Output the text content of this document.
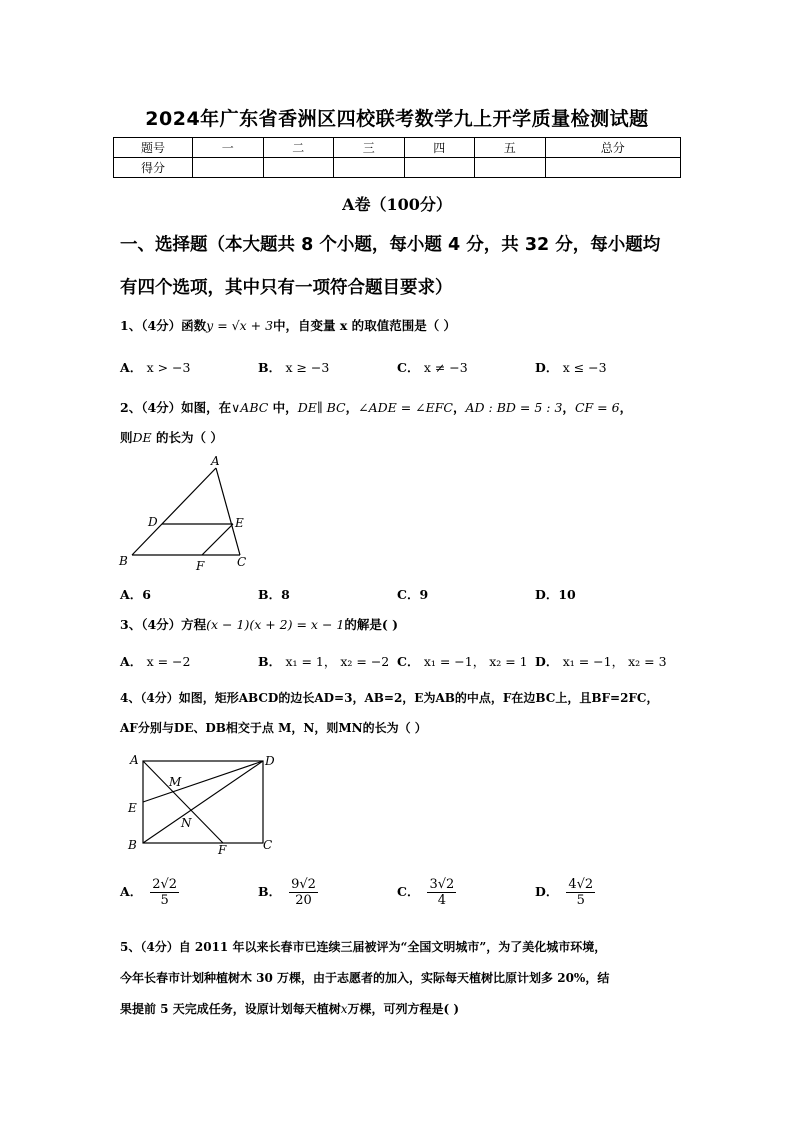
2024年广东省香洲区四校联考数学九上开学质量检测试题
题号	一	二	三	四	五	总分
得分						
A卷（100分）
一、选择题（本大题共 8 个小题，每小题 4 分，共 32 分，每小题均
有四个选项，其中只有一项符合题目要求）
1、（4分）函数y = √x + 3中，自变量 x 的取值范围是（ ）
A． x > −3	B． x ≥ −3	C． x ≠ −3	D． x ≤ −3
2、（4分）如图，在∨ABC 中，DE∥ BC，∠ADE = ∠EFC，AD : BD = 5 : 3，CF = 6，
则DE 的长为（ ）
A
D	E
B	F	C
A．6	B．8	C．9	D．10
3、（4分）方程(x − 1)(x + 2) = x − 1的解是( )
A． x = −2	B． x₁ = 1， x₂ = −2 C． x₁ = −1， x₂ = 1 D． x₁ = −1， x₂ = 3
4、（4分）如图，矩形ABCD的边长AD=3，AB=2，E为AB的中点，F在边BC上，且BF=2FC，
AF分别与DE、DB相交于点 M，N，则MN的长为（ ）
A	D
M
E
N
B	F	C
A． $\frac{2√2}{5}$	B． $\frac{9√2}{20}$	C． $\frac{3√2}{4}$	D． $\frac{4√2}{5}$
5、（4分）自 2011 年以来长春市已连续三届被评为“全国文明城市”，为了美化城市环境，
今年长春市计划种植树木 30 万棵，由于志愿者的加入，实际每天植树比原计划多 20%，结
果提前 5 天完成任务，设原计划每天植树x万棵，可列方程是( )
